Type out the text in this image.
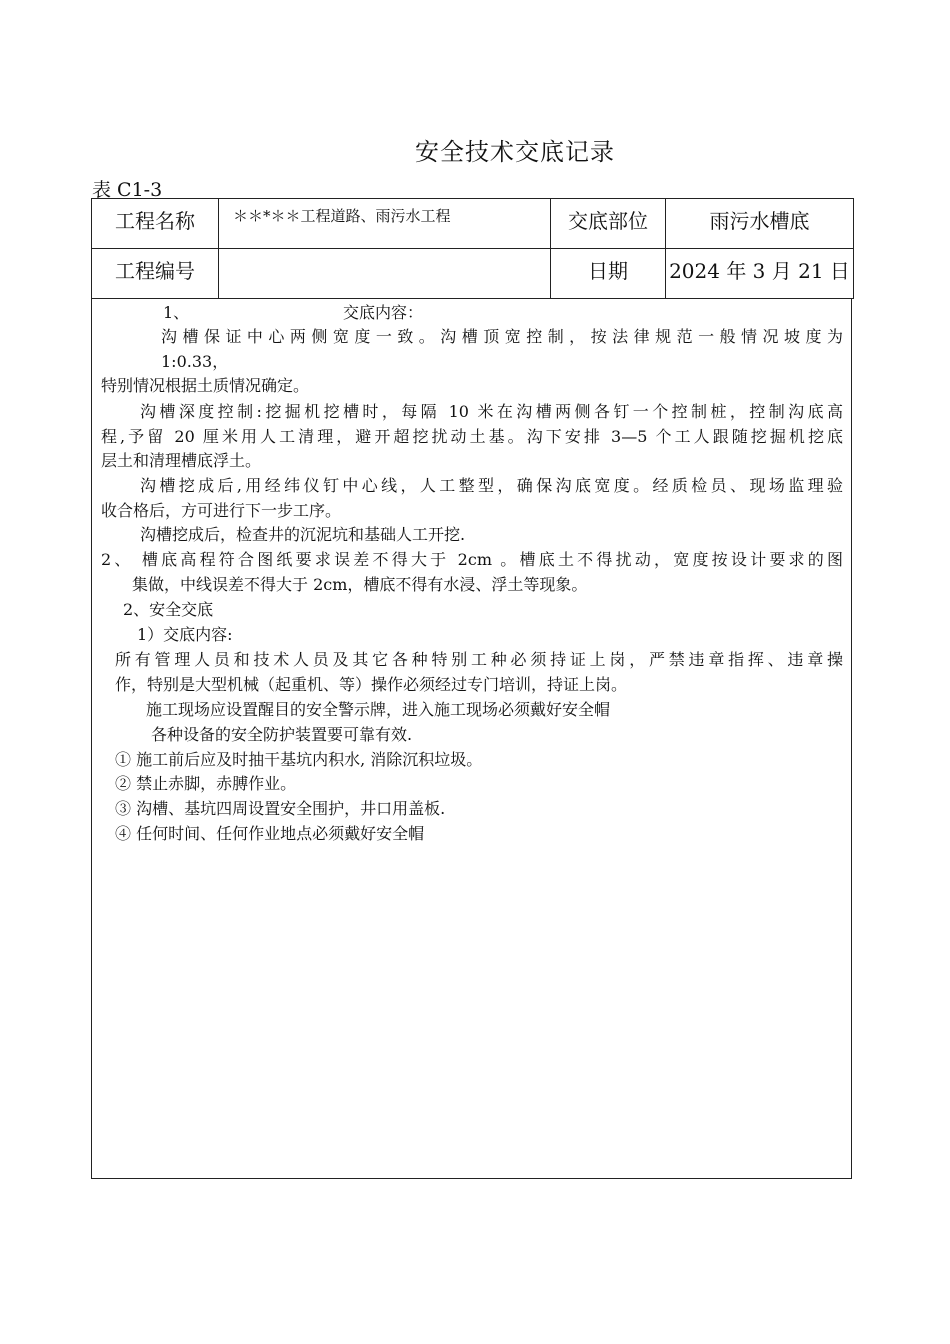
安全技术交底记录
表 C1-3
工程名称	＊＊*＊＊工程道路、雨污水工程	交底部位	雨污水槽底
工程编号		日期	2024 年 3 月 21 日
1、	交底内容：
沟槽保证中心两侧宽度一致。沟槽顶宽控制，按法律规范一般情况坡度为
1:0.33，
特别情况根据土质情况确定。
沟槽深度控制:挖掘机挖槽时，每隔 10 米在沟槽两侧各钉一个控制桩，控制沟底高
程,予留 20 厘米用人工清理，避开超挖扰动土基。沟下安排 3—5 个工人跟随挖掘机挖底
层土和清理槽底浮土。
沟槽挖成后,用经纬仪钉中心线，人工整型，确保沟底宽度。经质检员、现场监理验
收合格后，方可进行下一步工序。
沟槽挖成后，检查井的沉泥坑和基础人工开挖.
2、 槽底高程符合图纸要求误差不得大于 2cm 。槽底土不得扰动，宽度按设计要求的图
集做，中线误差不得大于 2cm，槽底不得有水浸、浮土等现象。
2、安全交底
1）交底内容:
所有管理人员和技术人员及其它各种特别工种必须持证上岗，严禁违章指挥、违章操
作，特别是大型机械（起重机、等）操作必须经过专门培训，持证上岗。
施工现场应设置醒目的安全警示牌，进入施工现场必须戴好安全帽
各种设备的安全防护装置要可靠有效.
① 施工前后应及时抽干基坑内积水, 消除沉积垃圾。
② 禁止赤脚，赤膊作业。
③ 沟槽、基坑四周设置安全围护，井口用盖板.
④ 任何时间、任何作业地点必须戴好安全帽
